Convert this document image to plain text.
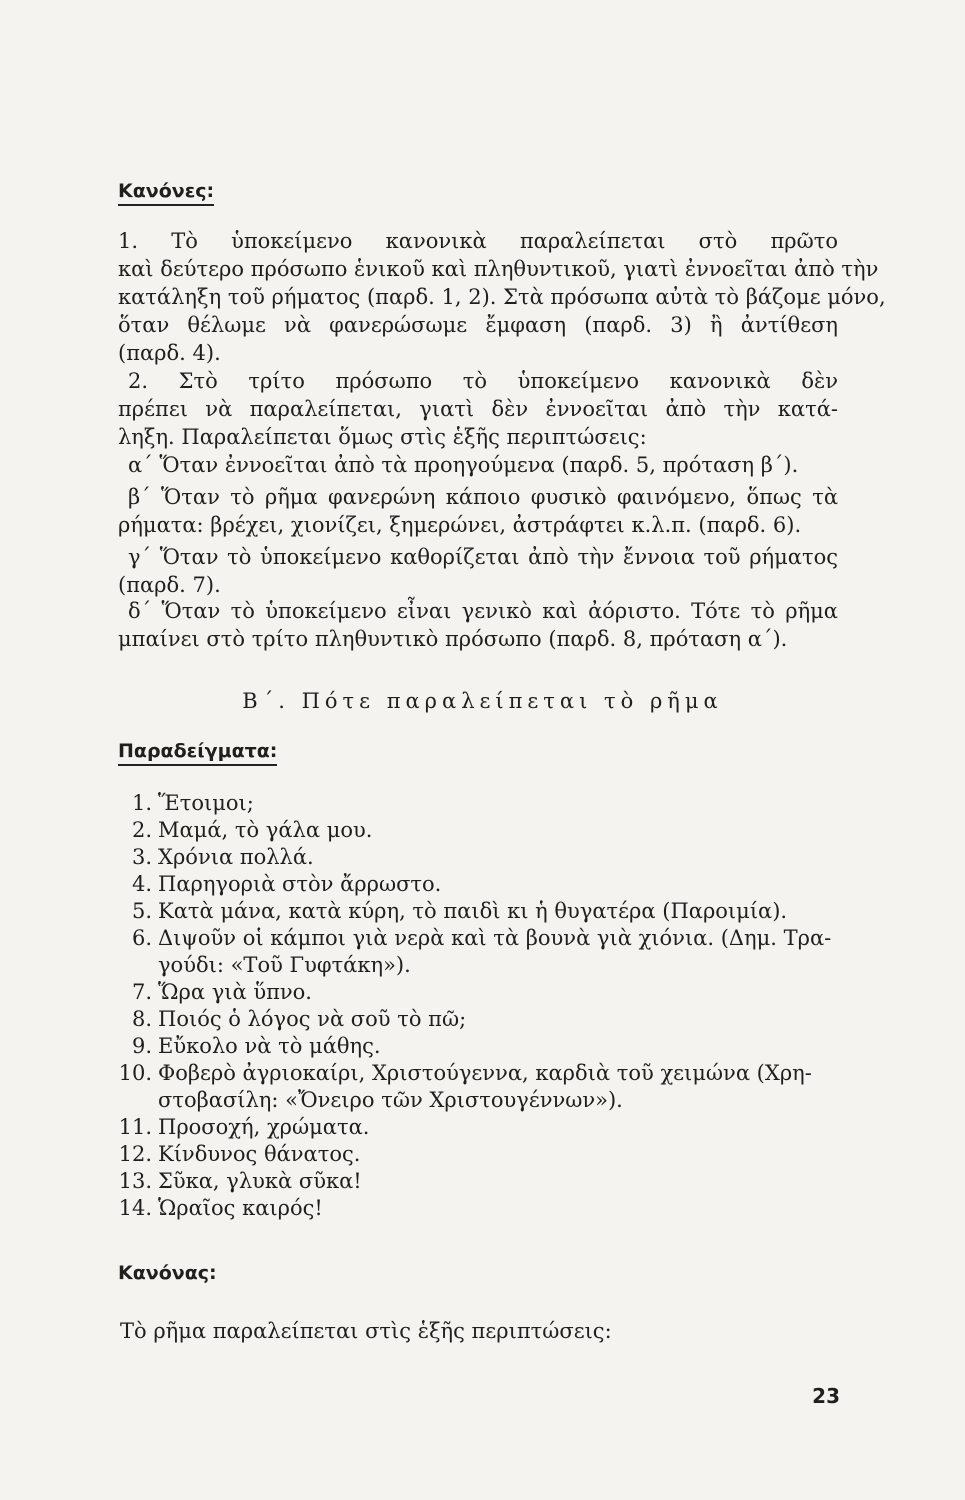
Κανόνες:
1. Τὸ ὑποκείμενο κανονικὰ παραλείπεται στὸ πρῶτο
καὶ δεύτερο πρόσωπο ἑνικοῦ καὶ πληθυντικοῦ, γιατὶ ἐννοεῖται ἀπὸ τὴν
κατάληξη τοῦ ρήματος (παρδ. 1, 2). Στὰ πρόσωπα αὐτὰ τὸ βάζομε μόνο,
ὅταν θέλωμε νὰ φανερώσωμε ἔμφαση (παρδ. 3) ἢ ἀντίθεση
(παρδ. 4).
2. Στὸ τρίτο πρόσωπο τὸ ὑποκείμενο κανονικὰ δὲν
πρέπει νὰ παραλείπεται, γιατὶ δὲν ἐννοεῖται ἀπὸ τὴν κατά-
ληξη. Παραλείπεται ὅμως στὶς ἑξῆς περιπτώσεις:
α΄ Ὅταν ἐννοεῖται ἀπὸ τὰ προηγούμενα (παρδ. 5, πρόταση β΄).
β΄ Ὅταν τὸ ρῆμα φανερώνη κάποιο φυσικὸ φαινόμενο, ὅπως τὰ
ρήματα: βρέχει, χιονίζει, ξημερώνει, ἀστράφτει κ.λ.π. (παρδ. 6).
γ΄ Ὅταν τὸ ὑποκείμενο καθορίζεται ἀπὸ τὴν ἔννοια τοῦ ρήματος
(παρδ. 7).
δ΄ Ὅταν τὸ ὑποκείμενο εἶναι γενικὸ καὶ ἀόριστο. Τότε τὸ ρῆμα
μπαίνει στὸ τρίτο πληθυντικὸ πρόσωπο (παρδ. 8, πρόταση α΄).
Β΄. Πότε παραλείπεται τὸ ρῆμα
Παραδείγματα:
1. Ἕτοιμοι;
2. Μαμά, τὸ γάλα μου.
3. Χρόνια πολλά.
4. Παρηγοριὰ στὸν ἄρρωστο.
5. Κατὰ μάνα, κατὰ κύρη, τὸ παιδὶ κι ἡ θυγατέρα (Παροιμία).
6. Διψοῦν οἱ κάμποι γιὰ νερὰ καὶ τὰ βουνὰ γιὰ χιόνια. (Δημ. Τρα-
γούδι: «Τοῦ Γυφτάκη»).
7. Ὥρα γιὰ ὕπνο.
8. Ποιός ὁ λόγος νὰ σοῦ τὸ πῶ;
9. Εὔκολο νὰ τὸ μάθης.
10. Φοβερὸ ἀγριοκαίρι, Χριστούγεννα, καρδιὰ τοῦ χειμώνα (Χρη-
στοβασίλη: «Ὄνειρο τῶν Χριστουγέννων»).
11. Προσοχή, χρώματα.
12. Κίνδυνος θάνατος.
13. Σῦκα, γλυκὰ σῦκα!
14. Ὡραῖος καιρός!
Κανόνας:
Τὸ ρῆμα παραλείπεται στὶς ἑξῆς περιπτώσεις:
23
